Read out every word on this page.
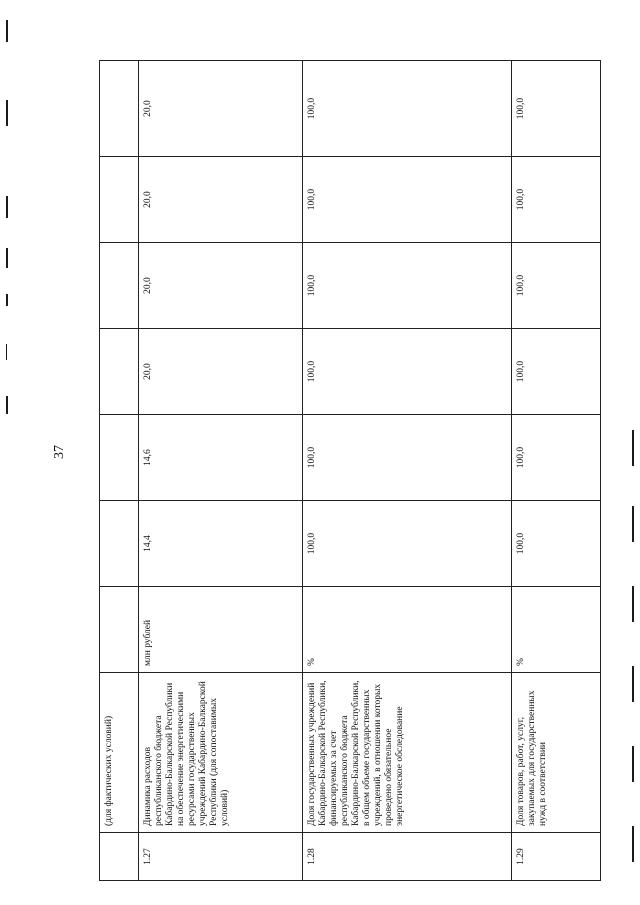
37
	(для фактических условий)							
1.27	Динамика расходов республиканского бюджета Кабардино-Балкарской Республики на обеспечение энергетическими ресурсами государственных учреждений Кабардино-Балкарской Республики (для сопоставимых условий)	млн рублей	14,4	14,6	20,0	20,0	20,0	20,0
1.28	Доля государственных учреждений Кабардино-Балкарской Республики, финансируемых за счет республиканского бюджета Кабардино-Балкарской Республики, в общем объеме государственных учреждений, в отношении которых проведено обязательное энергетическое обследование	%	100,0	100,0	100,0	100,0	100,0	100,0
1.29	Доля товаров, работ, услуг, закупаемых для государственных нужд в соответствии	%	100,0	100,0	100,0	100,0	100,0	100,0
